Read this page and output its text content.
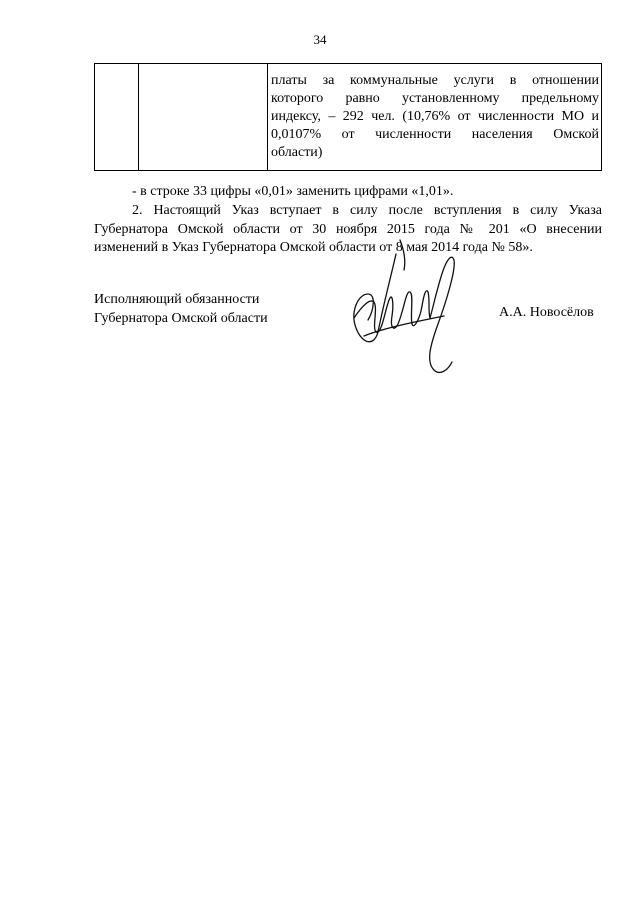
34

платы за коммунальные услуги в отношении
которого равно установленному предельному
индексу, – 292 чел. (10,76% от численности МО и
0,0107% от численности населения Омской
области)
- в строке 33 цифры «0,01» заменить цифрами «1,01».
2. Настоящий Указ вступает в силу после вступления в силу Указа
Губернатора Омской области от 30 ноября 2015 года № 201 «О внесении
изменений в Указ Губернатора Омской области от 8 мая 2014 года № 58».
Исполняющий обязанности
Губернатора Омской области	А.А. Новосёлов
